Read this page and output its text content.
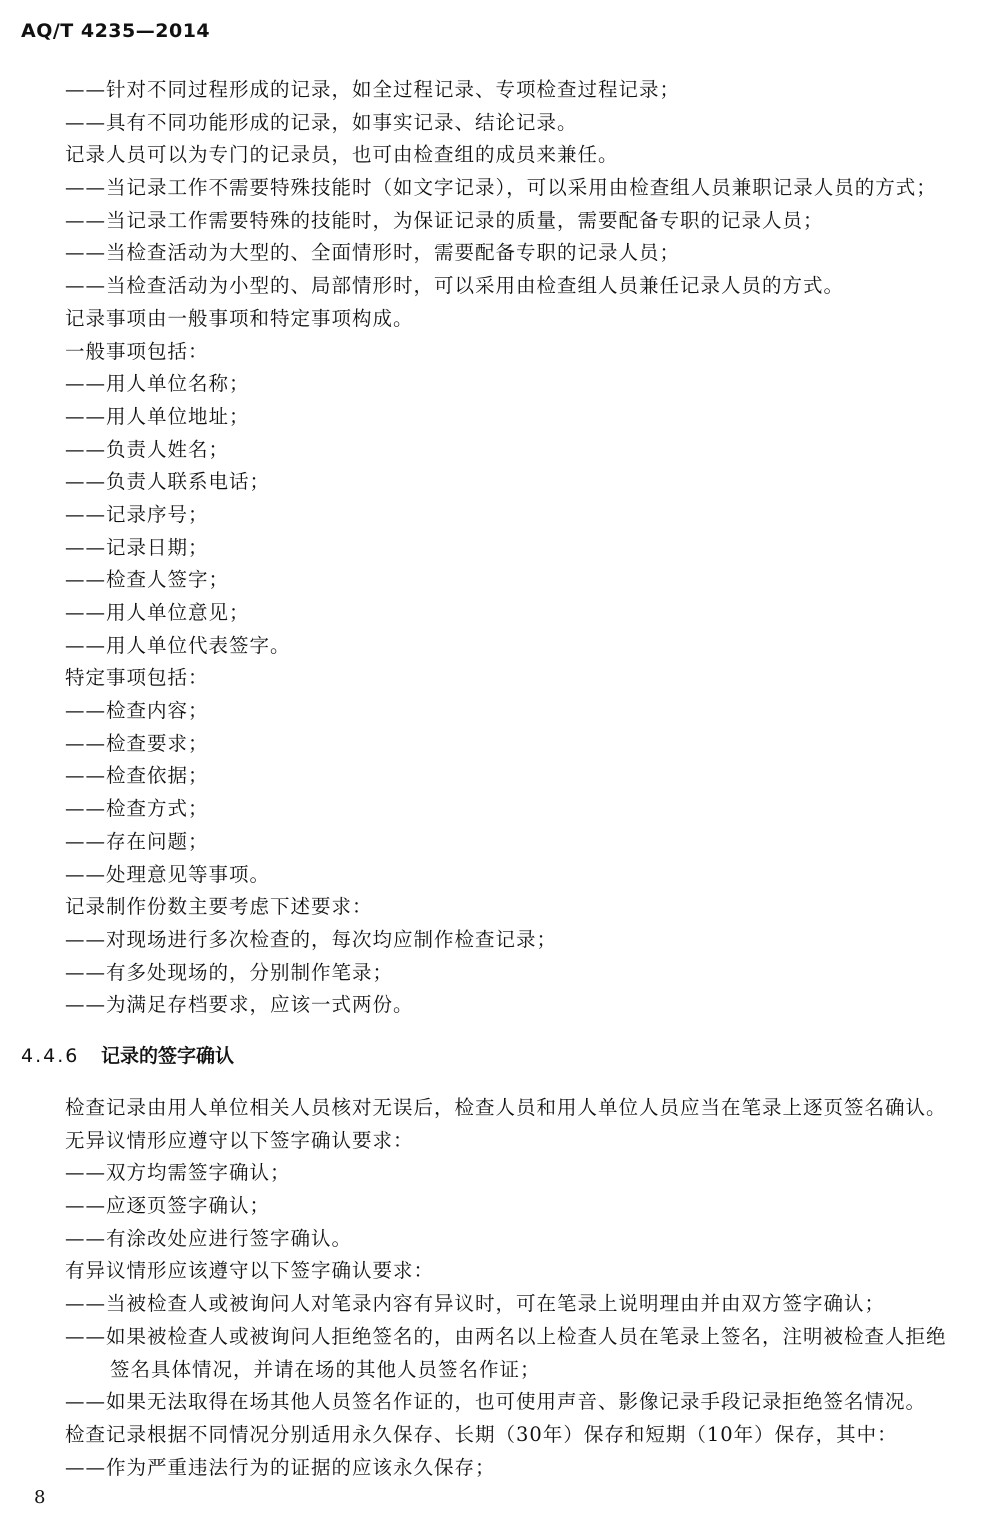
AQ/T 4235—2014
——针对不同过程形成的记录，如全过程记录、专项检查过程记录；
——具有不同功能形成的记录，如事实记录、结论记录。
记录人员可以为专门的记录员，也可由检查组的成员来兼任。
——当记录工作不需要特殊技能时（如文字记录），可以采用由检查组人员兼职记录人员的方式；
——当记录工作需要特殊的技能时，为保证记录的质量，需要配备专职的记录人员；
——当检查活动为大型的、全面情形时，需要配备专职的记录人员；
——当检查活动为小型的、局部情形时，可以采用由检查组人员兼任记录人员的方式。
记录事项由一般事项和特定事项构成。
一般事项包括：
——用人单位名称；
——用人单位地址；
——负责人姓名；
——负责人联系电话；
——记录序号；
——记录日期；
——检查人签字；
——用人单位意见；
——用人单位代表签字。
特定事项包括：
——检查内容；
——检查要求；
——检查依据；
——检查方式；
——存在问题；
——处理意见等事项。
记录制作份数主要考虑下述要求：
——对现场进行多次检查的，每次均应制作检查记录；
——有多处现场的，分别制作笔录；
——为满足存档要求，应该一式两份。
4.4.6 记录的签字确认
检查记录由用人单位相关人员核对无误后，检查人员和用人单位人员应当在笔录上逐页签名确认。
无异议情形应遵守以下签字确认要求：
——双方均需签字确认；
——应逐页签字确认；
——有涂改处应进行签字确认。
有异议情形应该遵守以下签字确认要求：
——当被检查人或被询问人对笔录内容有异议时，可在笔录上说明理由并由双方签字确认；
——如果被检查人或被询问人拒绝签名的，由两名以上检查人员在笔录上签名，注明被检查人拒绝
签名具体情况，并请在场的其他人员签名作证；
——如果无法取得在场其他人员签名作证的，也可使用声音、影像记录手段记录拒绝签名情况。
检查记录根据不同情况分别适用永久保存、长期（30年）保存和短期（10年）保存，其中：
——作为严重违法行为的证据的应该永久保存；
8
